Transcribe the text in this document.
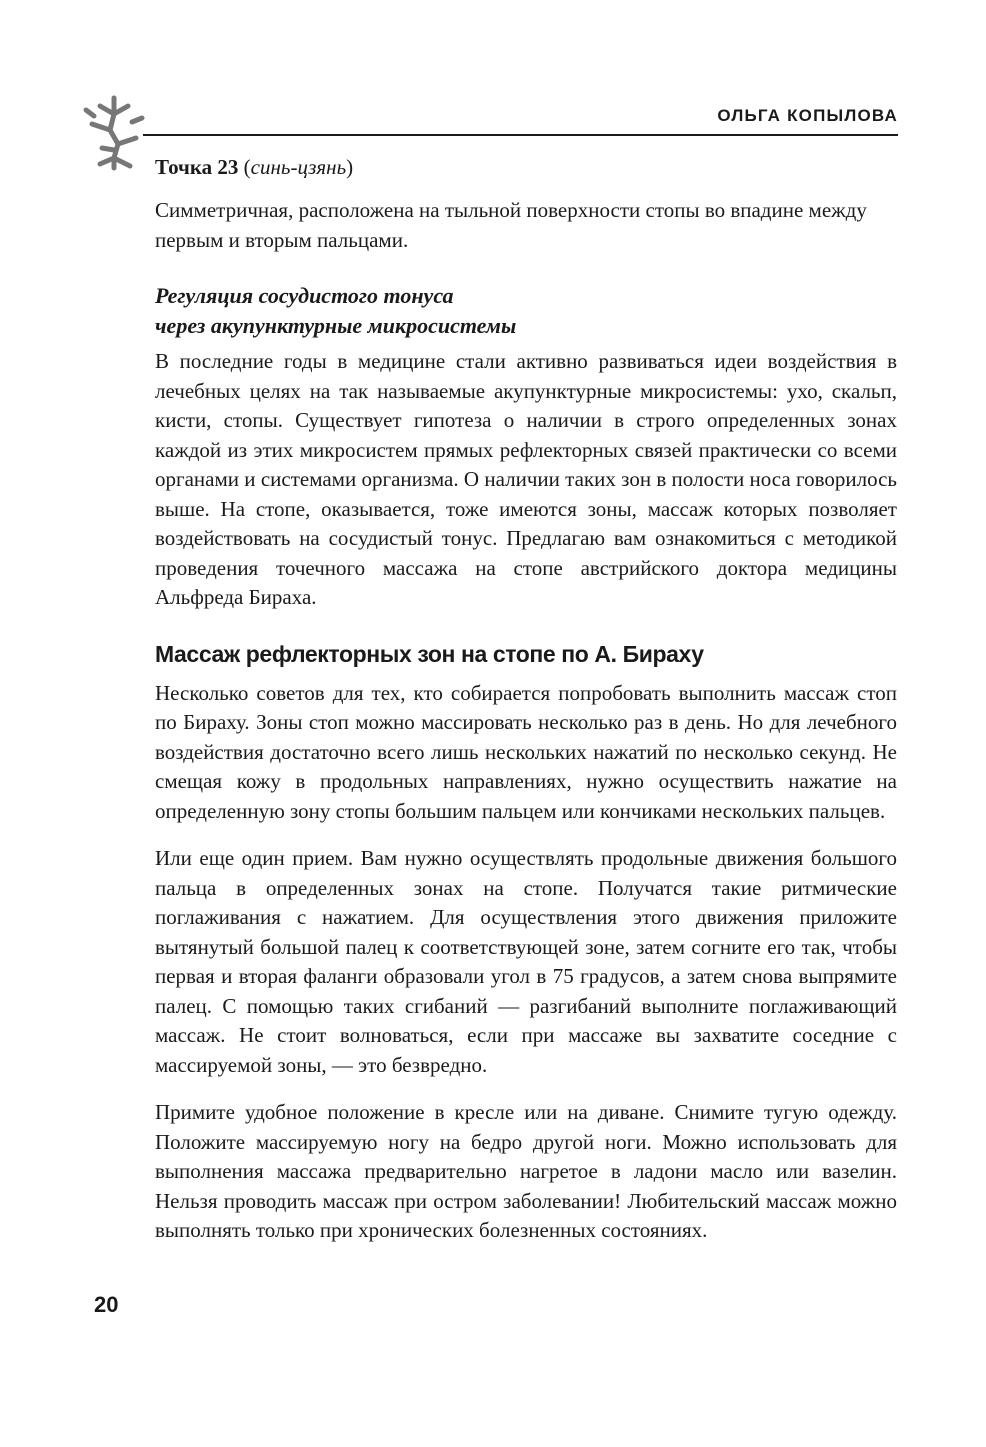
ОЛЬГА КОПЫЛОВА

Точка 23 (синь-цзянь)

Симметричная, расположена на тыльной поверхности стопы во впадине между первым и вторым пальцами.

Регуляция сосудистого тонуса
через акупунктурные микросистемы

В последние годы в медицине стали активно развиваться идеи воздействия в лечебных целях на так называемые акупунктурные микросистемы: ухо, скальп, кисти, стопы. Существует гипотеза о наличии в строго определенных зонах каждой из этих микросистем прямых рефлекторных связей практически со всеми органами и системами организма. О наличии таких зон в полости носа говорилось выше. На стопе, оказывается, тоже имеются зоны, массаж которых позволяет воздействовать на сосудистый тонус. Предлагаю вам ознакомиться с методикой проведения точечного массажа на стопе австрийского доктора медицины Альфреда Бираха.

Массаж рефлекторных зон на стопе по А. Бираху

Несколько советов для тех, кто собирается попробовать выполнить массаж стоп по Бираху. Зоны стоп можно массировать несколько раз в день. Но для лечебного воздействия достаточно всего лишь нескольких нажатий по несколько секунд. Не смещая кожу в продольных направлениях, нужно осуществить нажатие на определенную зону стопы большим пальцем или кончиками нескольких пальцев.

Или еще один прием. Вам нужно осуществлять продольные движения большого пальца в определенных зонах на стопе. Получатся такие ритмические поглаживания с нажатием. Для осуществления этого движения приложите вытянутый большой палец к соответствующей зоне, затем согните его так, чтобы первая и вторая фаланги образовали угол в 75 градусов, а затем снова выпрямите палец. С помощью таких сгибаний — разгибаний выполните поглаживающий массаж. Не стоит волноваться, если при массаже вы захватите соседние с массируемой зоны, — это безвредно.

Примите удобное положение в кресле или на диване. Снимите тугую одежду. Положите массируемую ногу на бедро другой ноги. Можно использовать для выполнения массажа предварительно нагретое в ладони масло или вазелин. Нельзя проводить массаж при остром заболевании! Любительский массаж можно выполнять только при хронических болезненных состояниях.

20
